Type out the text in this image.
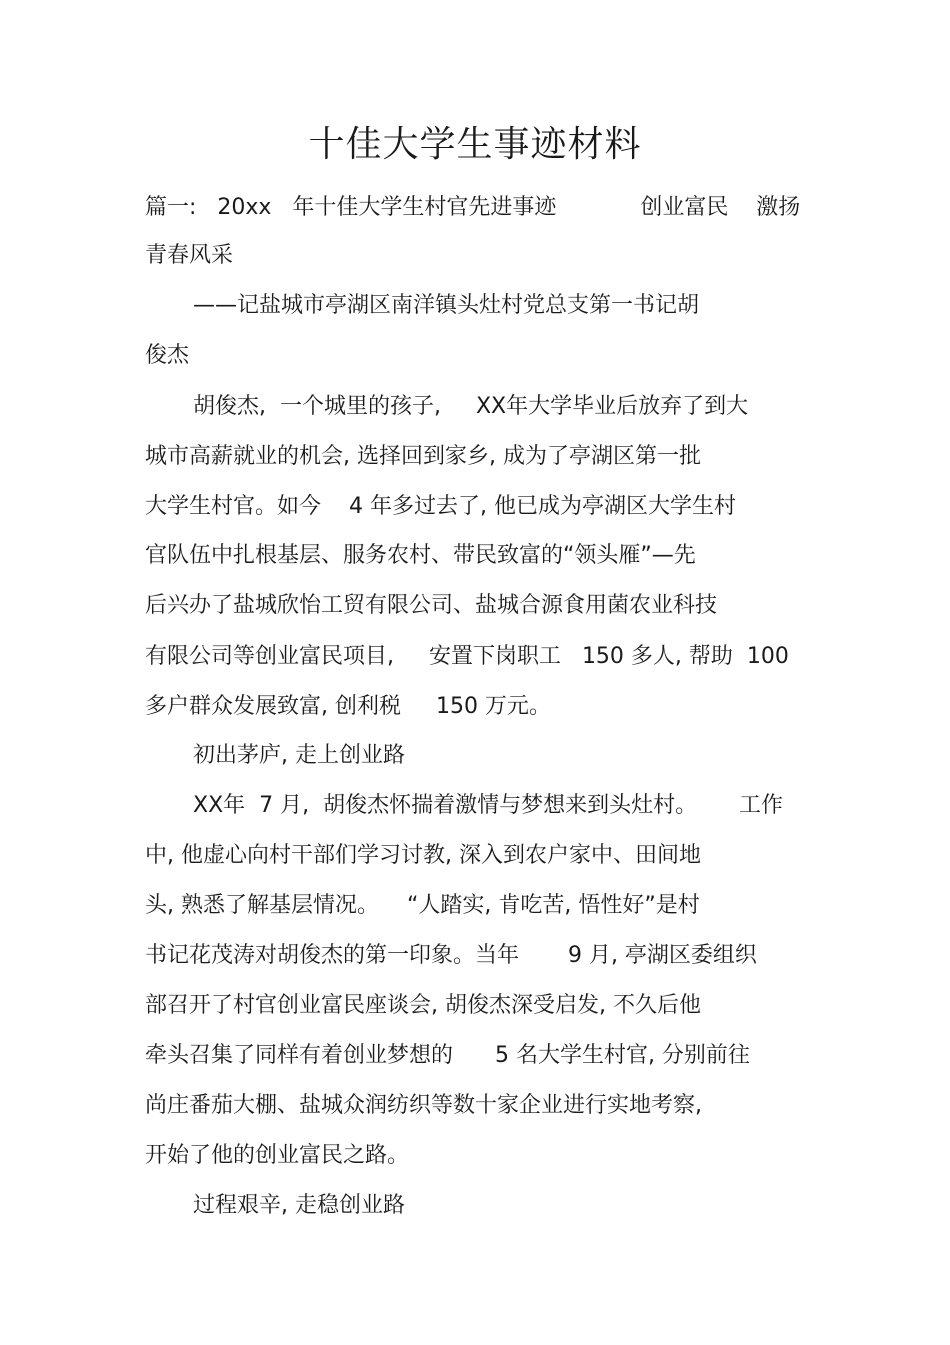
十佳大学生事迹材料
篇一:   20xx   年十佳大学生村官先进事迹            创业富民    激扬
青春风采
——记盐城市亭湖区南洋镇头灶村党总支第一书记胡
俊杰
胡俊杰,  一个城里的孩子,     XX年大学毕业后放弃了到大
城市高薪就业的机会, 选择回到家乡, 成为了亭湖区第一批
大学生村官。如今    4 年多过去了, 他已成为亭湖区大学生村
官队伍中扎根基层、服务农村、带民致富的“领头雁”—先
后兴办了盐城欣怡工贸有限公司、盐城合源食用菌农业科技
有限公司等创业富民项目,     安置下岗职工   150 多人, 帮助  100
多户群众发展致富, 创利税     150 万元。
初出茅庐, 走上创业路
XX年  7 月,  胡俊杰怀揣着激情与梦想来到头灶村。      工作
中, 他虚心向村干部们学习讨教, 深入到农户家中、田间地
头, 熟悉了解基层情况。    “人踏实, 肯吃苦, 悟性好”是村
书记花茂涛对胡俊杰的第一印象。当年       9 月, 亭湖区委组织
部召开了村官创业富民座谈会, 胡俊杰深受启发, 不久后他
牵头召集了同样有着创业梦想的      5 名大学生村官, 分别前往
尚庄番茄大棚、盐城众润纺织等数十家企业进行实地考察,
开始了他的创业富民之路。
过程艰辛, 走稳创业路
